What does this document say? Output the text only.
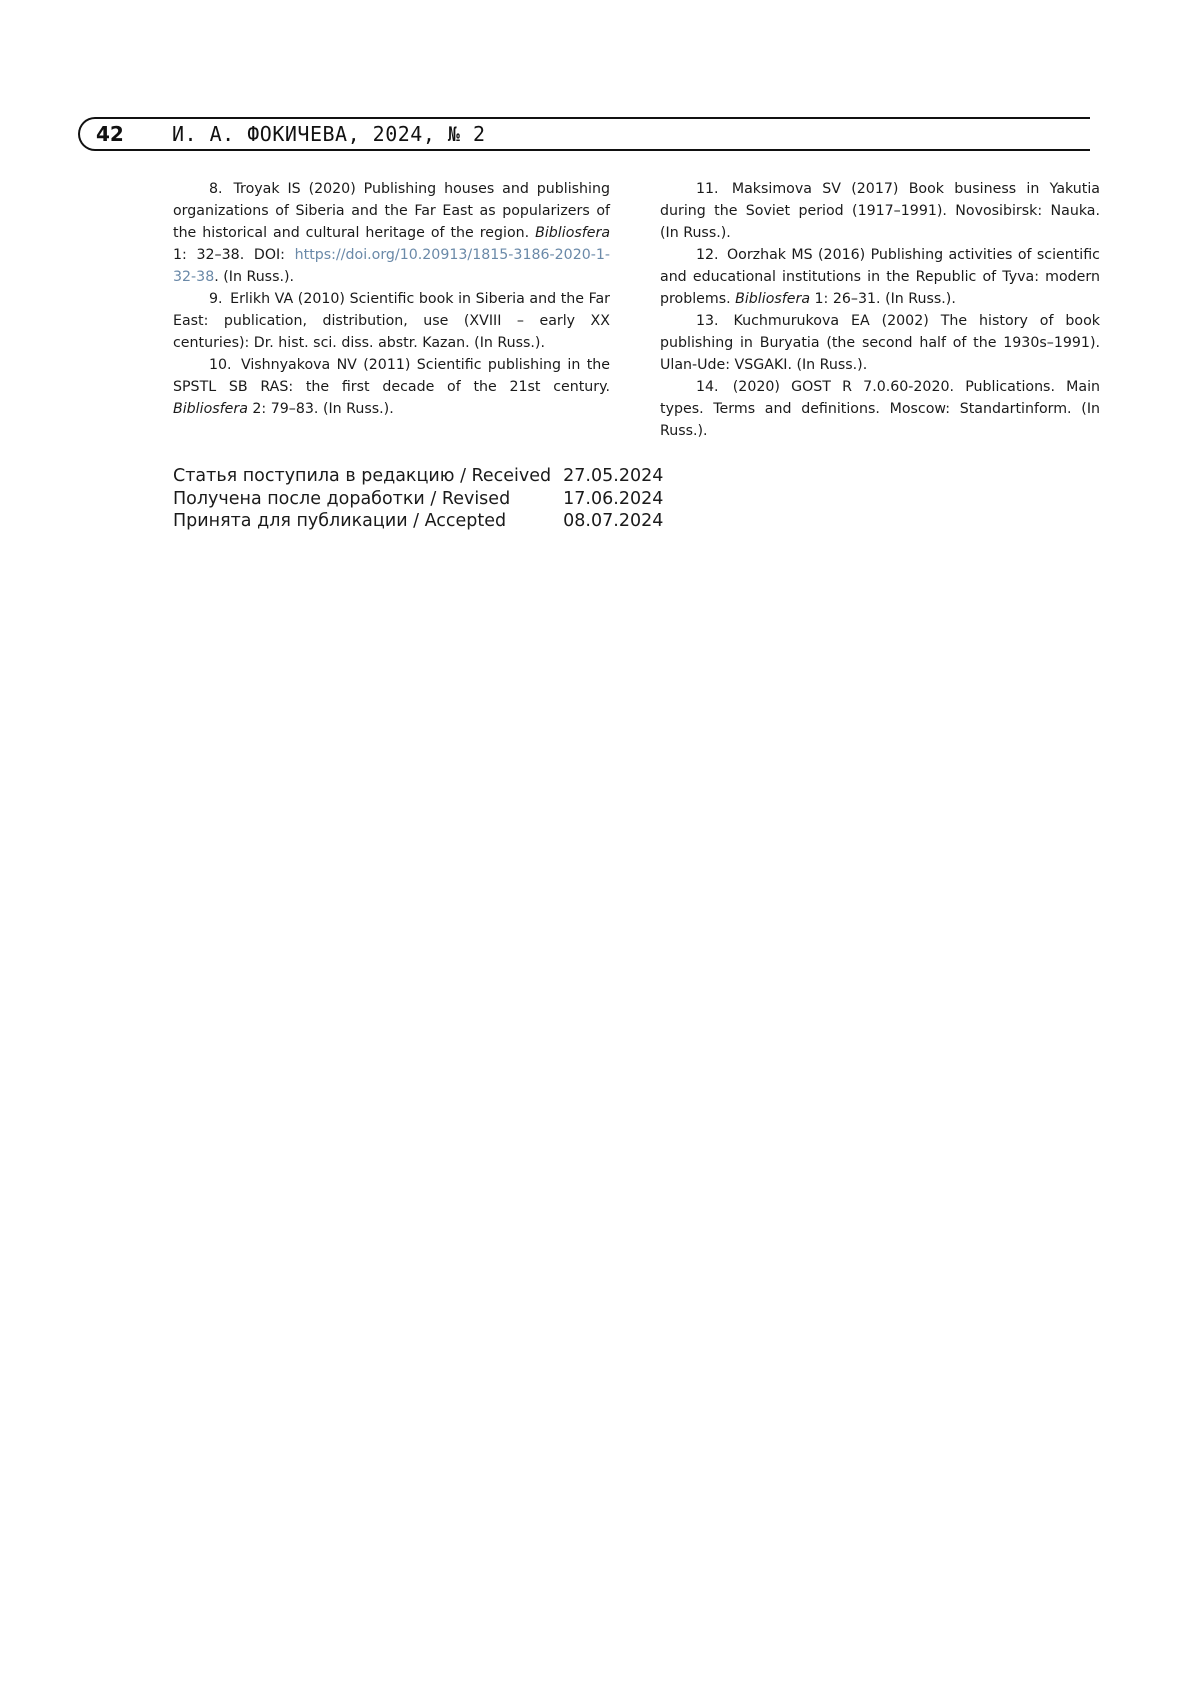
42 И. А. ФОКИЧЕВА, 2024, № 2

8. Troyak IS (2020) Publishing houses and publishing organizations of Siberia and the Far East as popularizers of the historical and cultural heritage of the region. Bibliosfera 1: 32–38. DOI: https://doi.org/10.20913/1815-3186-2020-1-32-38. (In Russ.).

9. Erlikh VA (2010) Scientific book in Siberia and the Far East: publication, distribution, use (XVIII – early XX centuries): Dr. hist. sci. diss. abstr. Kazan. (In Russ.).

10. Vishnyakova NV (2011) Scientific publishing in the SPSTL SB RAS: the first decade of the 21st century. Bibliosfera 2: 79–83. (In Russ.).

11. Maksimova SV (2017) Book business in Yakutia during the Soviet period (1917–1991). Novosibirsk: Nauka. (In Russ.).

12. Oorzhak MS (2016) Publishing activities of scientific and educational institutions in the Republic of Tyva: modern problems. Bibliosfera 1: 26–31. (In Russ.).

13. Kuchmurukova EA (2002) The history of book publishing in Buryatia (the second half of the 1930s–1991). Ulan-Ude: VSGAKI. (In Russ.).

14. (2020) GOST R 7.0.60-2020. Publications. Main types. Terms and definitions. Moscow: Standartinform. (In Russ.).

Статья поступила в редакцию / Received	27.05.2024
Получена после доработки / Revised	17.06.2024
Принята для публикации / Accepted	08.07.2024
